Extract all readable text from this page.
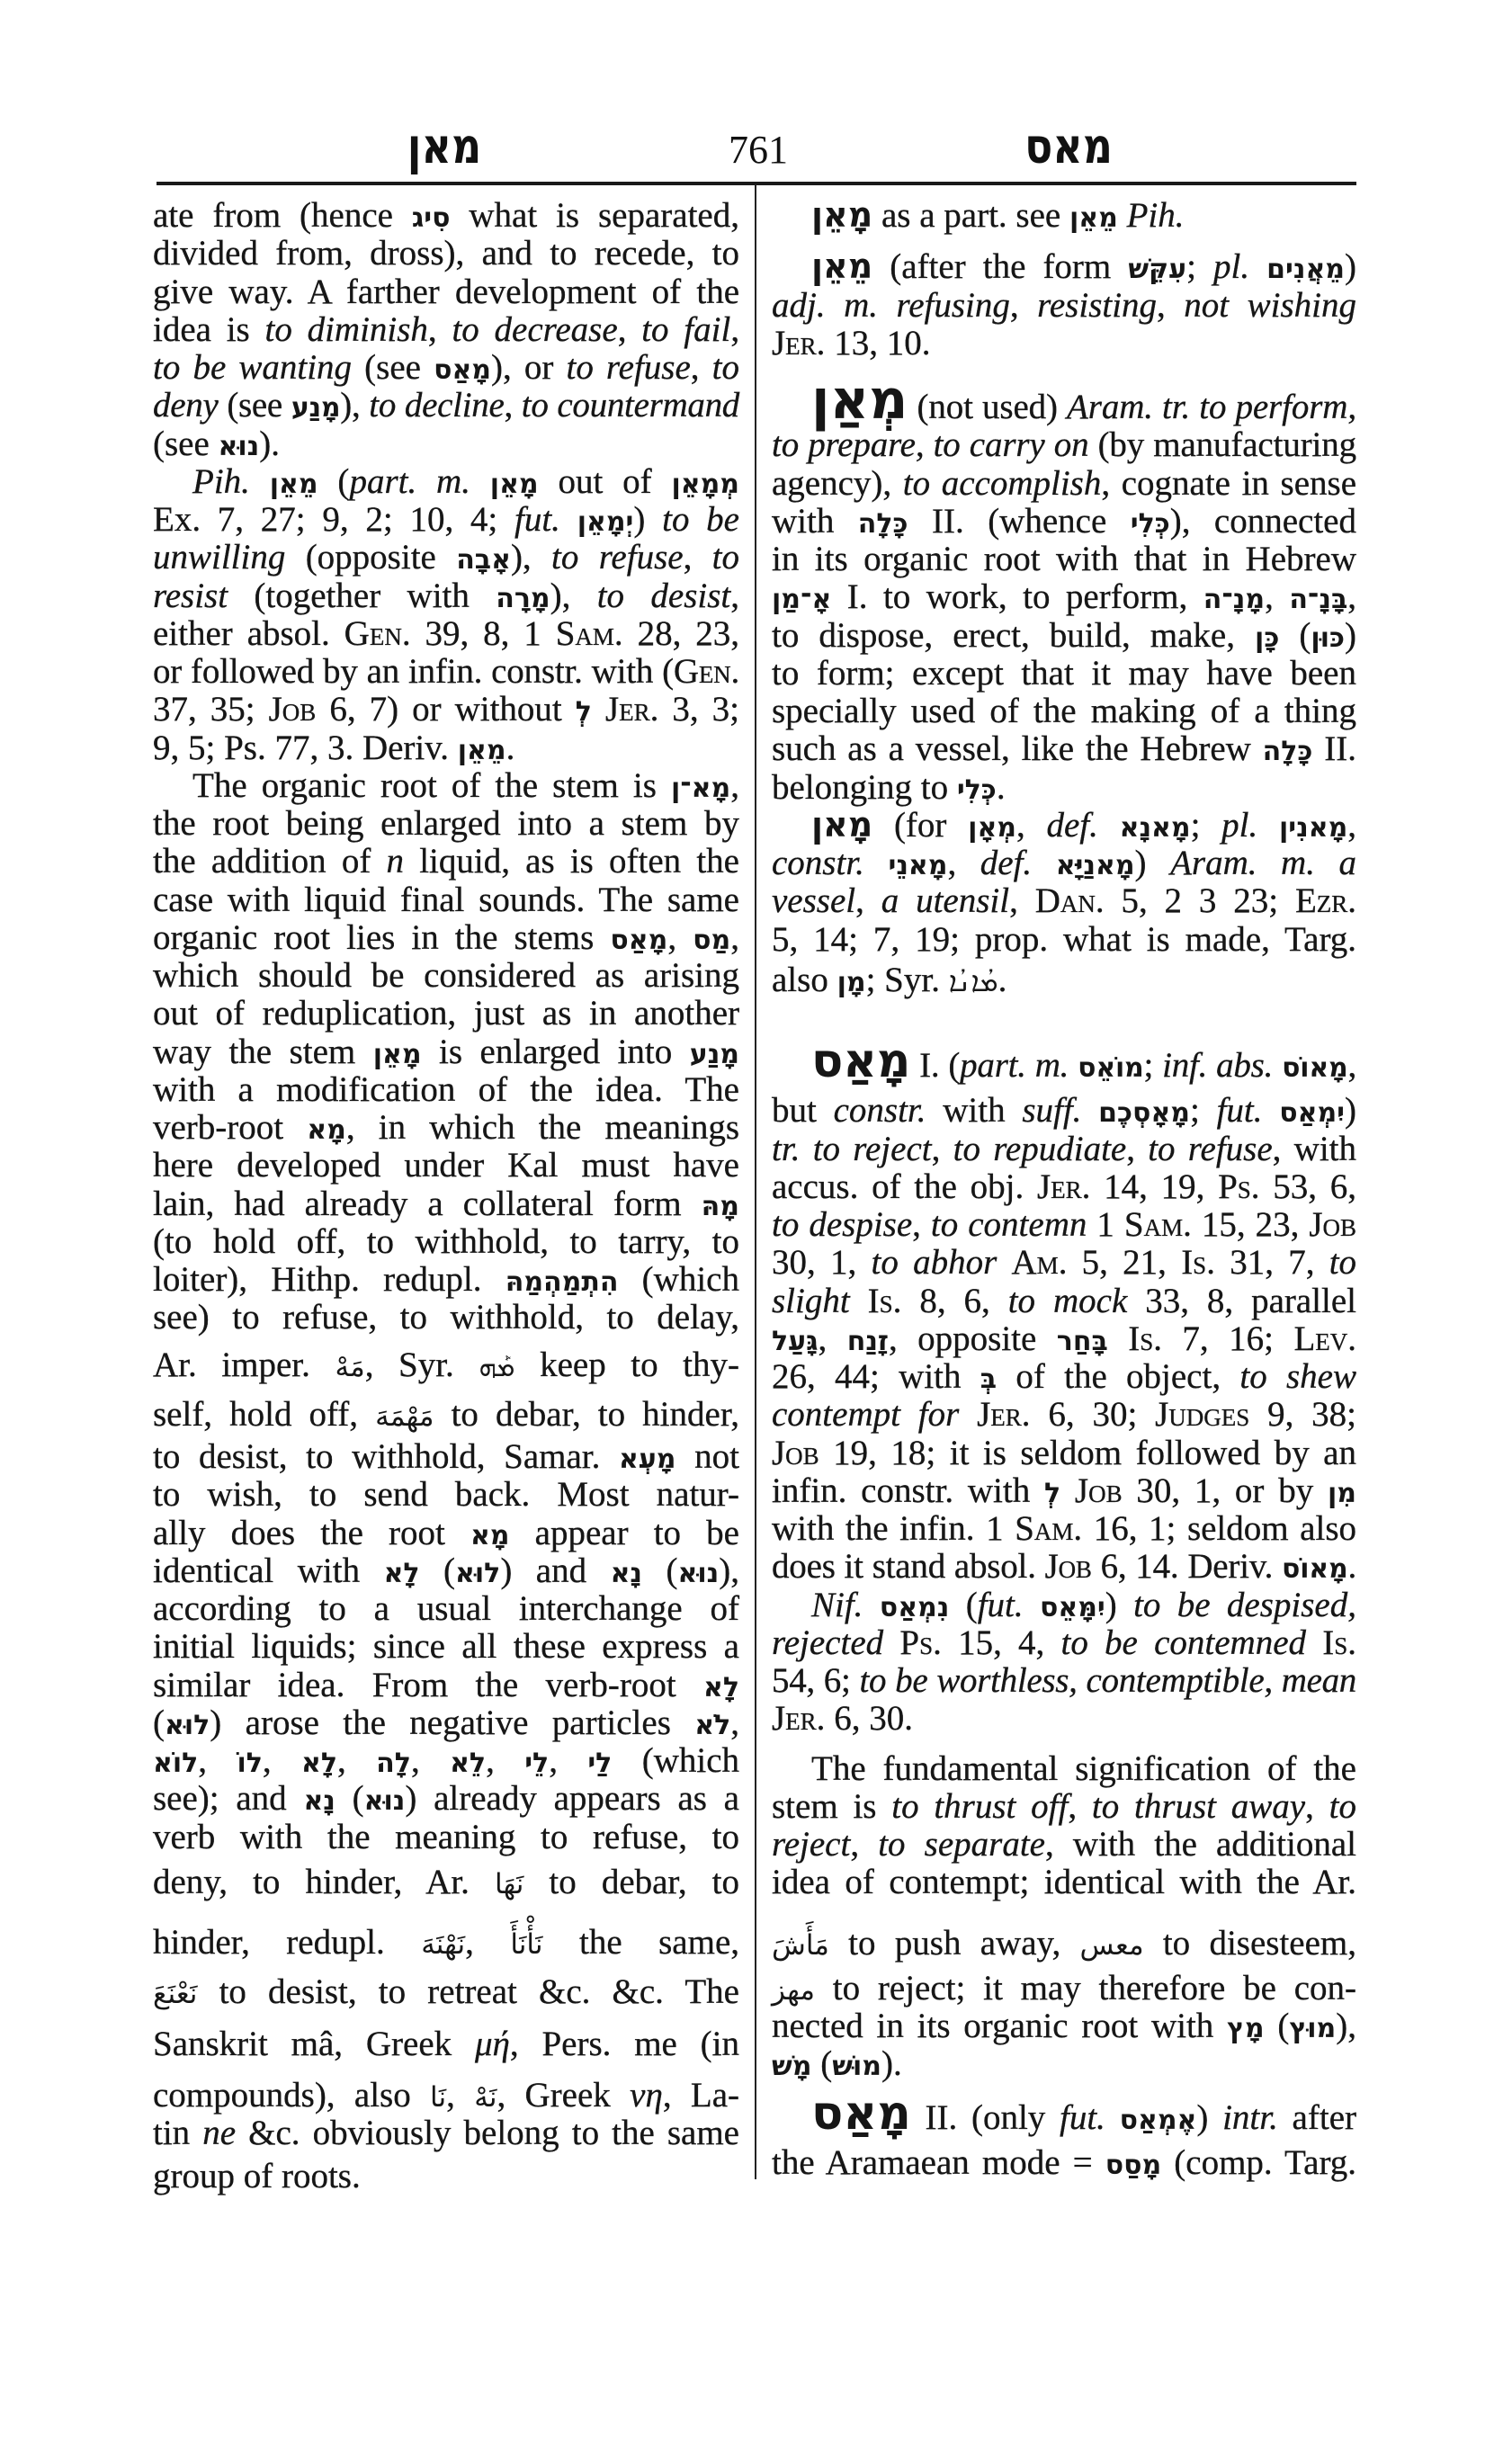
מאן	761	מאס
ate from (hence סִיג what is separated,
divided from, dross), and to recede, to
give way. A farther development of the
idea is to diminish, to decrease, to fail,
to be wanting (see מָאַס), or to refuse, to
deny (see מָנַע), to decline, to countermand
(see נוּא).
Pih. מֵאֵן (part. m. מָאֵן out of מְמָאֵן
Ex. 7, 27; 9, 2; 10, 4; fut. יְמָאֵן) to be
unwilling (opposite אָבָה), to refuse, to
resist (together with מָרָה), to desist,
either absol. Gen. 39, 8, 1 Sam. 28, 23,
or followed by an infin. constr. with (Gen.
37, 35; Job 6, 7) or without לְ Jer. 3, 3;
9, 5; Ps. 77, 3. Deriv. מֵאֵן.
The organic root of the stem is מָא־ן,
the root being enlarged into a stem by
the addition of n liquid, as is often the
case with liquid final sounds. The same
organic root lies in the stems מָאַס, מַס,
which should be considered as arising
out of reduplication, just as in another
way the stem מָאֵן is enlarged into מָנַע
with a modification of the idea. The
verb-root מָא, in which the meanings
here developed under Kal must have
lain, had already a collateral form מָהּ
(to hold off, to withhold, to tarry, to
loiter), Hithp. redupl. הִתְמַהְמַהּ (which
see) to refuse, to withhold, to delay,
Ar. imper. مَهْ, Syr. ܡܰܗ keep to thy-
self, hold off, مَهْمَهَ to debar, to hinder,
to desist, to withhold, Samar. מָעְא not
to wish, to send back. Most natur-
ally does the root מָא appear to be
identical with לָא (לוּא) and נָא (נוּא),
according to a usual interchange of
initial liquids; since all these express a
similar idea. From the verb-root לָא
(לוּא) arose the negative particles לֹא,
לוֹא, לוֹ, לָא, לָה, לֵא, לֵי, לַי (which
see); and נָא (נוּא) already appears as a
verb with the meaning to refuse, to
deny, to hinder, Ar. نَهَا to debar, to
hinder, redupl. نَهْنَهَ, نَأْنَأَ the same,
نَعْنَعَ to desist, to retreat &c. &c. The
Sanskrit mâ, Greek μή, Pers. me (in
compounds), also نَا, نَهْ, Greek νη, La-
tin ne &c. obviously belong to the same
group of roots.
מָאֵן as a part. see מֵאֵן Pih.
מֵאֵן (after the form עִקֵּשׁ; pl. מֵאֲנִים)
adj. m. refusing, resisting, not wishing
Jer. 13, 10.
מְאַן (not used) Aram. tr. to perform,
to prepare, to carry on (by manufacturing
agency), to accomplish, cognate in sense
with כָּלָה II. (whence כְּלִי), connected
in its organic root with that in Hebrew
אָ־מַן I. to work, to perform, מָנָ־ה, בָּנָ־ה,
to dispose, erect, build, make, כָּן (כּוּן)
to form; except that it may have been
specially used of the making of a thing
such as a vessel, like the Hebrew כָּלָה II.
belonging to כְּלִי.
מָאן (for מְאָן, def. מָאנָא; pl. מָאנִין,
constr. מָאנֵי, def. מָאנַיָּא) Aram. m. a
vessel, a utensil, Dan. 5, 2 3 23; Ezr.
5, 14; 7, 19; prop. what is made, Targ.
also מָן; Syr. ܡܳܐܢܳܐ.
מָאַס I. (part. m. מוֹאֵס; inf. abs. מָאוֹס,
but constr. with suff. מָאָסְכֶם; fut. יִמְאַס)
tr. to reject, to repudiate, to refuse, with
accus. of the obj. Jer. 14, 19, Ps. 53, 6,
to despise, to contemn 1 Sam. 15, 23, Job
30, 1, to abhor Am. 5, 21, Is. 31, 7, to
slight Is. 8, 6, to mock 33, 8, parallel
גָּעַל, זָנַח, opposite בָּחַר Is. 7, 16; Lev.
26, 44; with בְּ of the object, to shew
contempt for Jer. 6, 30; Judges 9, 38;
Job 19, 18; it is seldom followed by an
infin. constr. with לְ Job 30, 1, or by מִן
with the infin. 1 Sam. 16, 1; seldom also
does it stand absol. Job 6, 14. Deriv. מָאוֹס.
Nif. נִמְאַס (fut. יִמָּאֵס) to be despised,
rejected Ps. 15, 4, to be contemned Is.
54, 6; to be worthless, contemptible, mean
Jer. 6, 30.
The fundamental signification of the
stem is to thrust off, to thrust away, to
reject, to separate, with the additional
idea of contempt; identical with the Ar.
مَأَشَ to push away, معس to disesteem,
مهز to reject; it may therefore be con-
nected in its organic root with מָץ (מוּץ),
מָשׁ (מוּשׁ).
מָאַס II. (only fut. אֶמְאַס) intr. after
the Aramaean mode = מָסַס (comp. Targ.
